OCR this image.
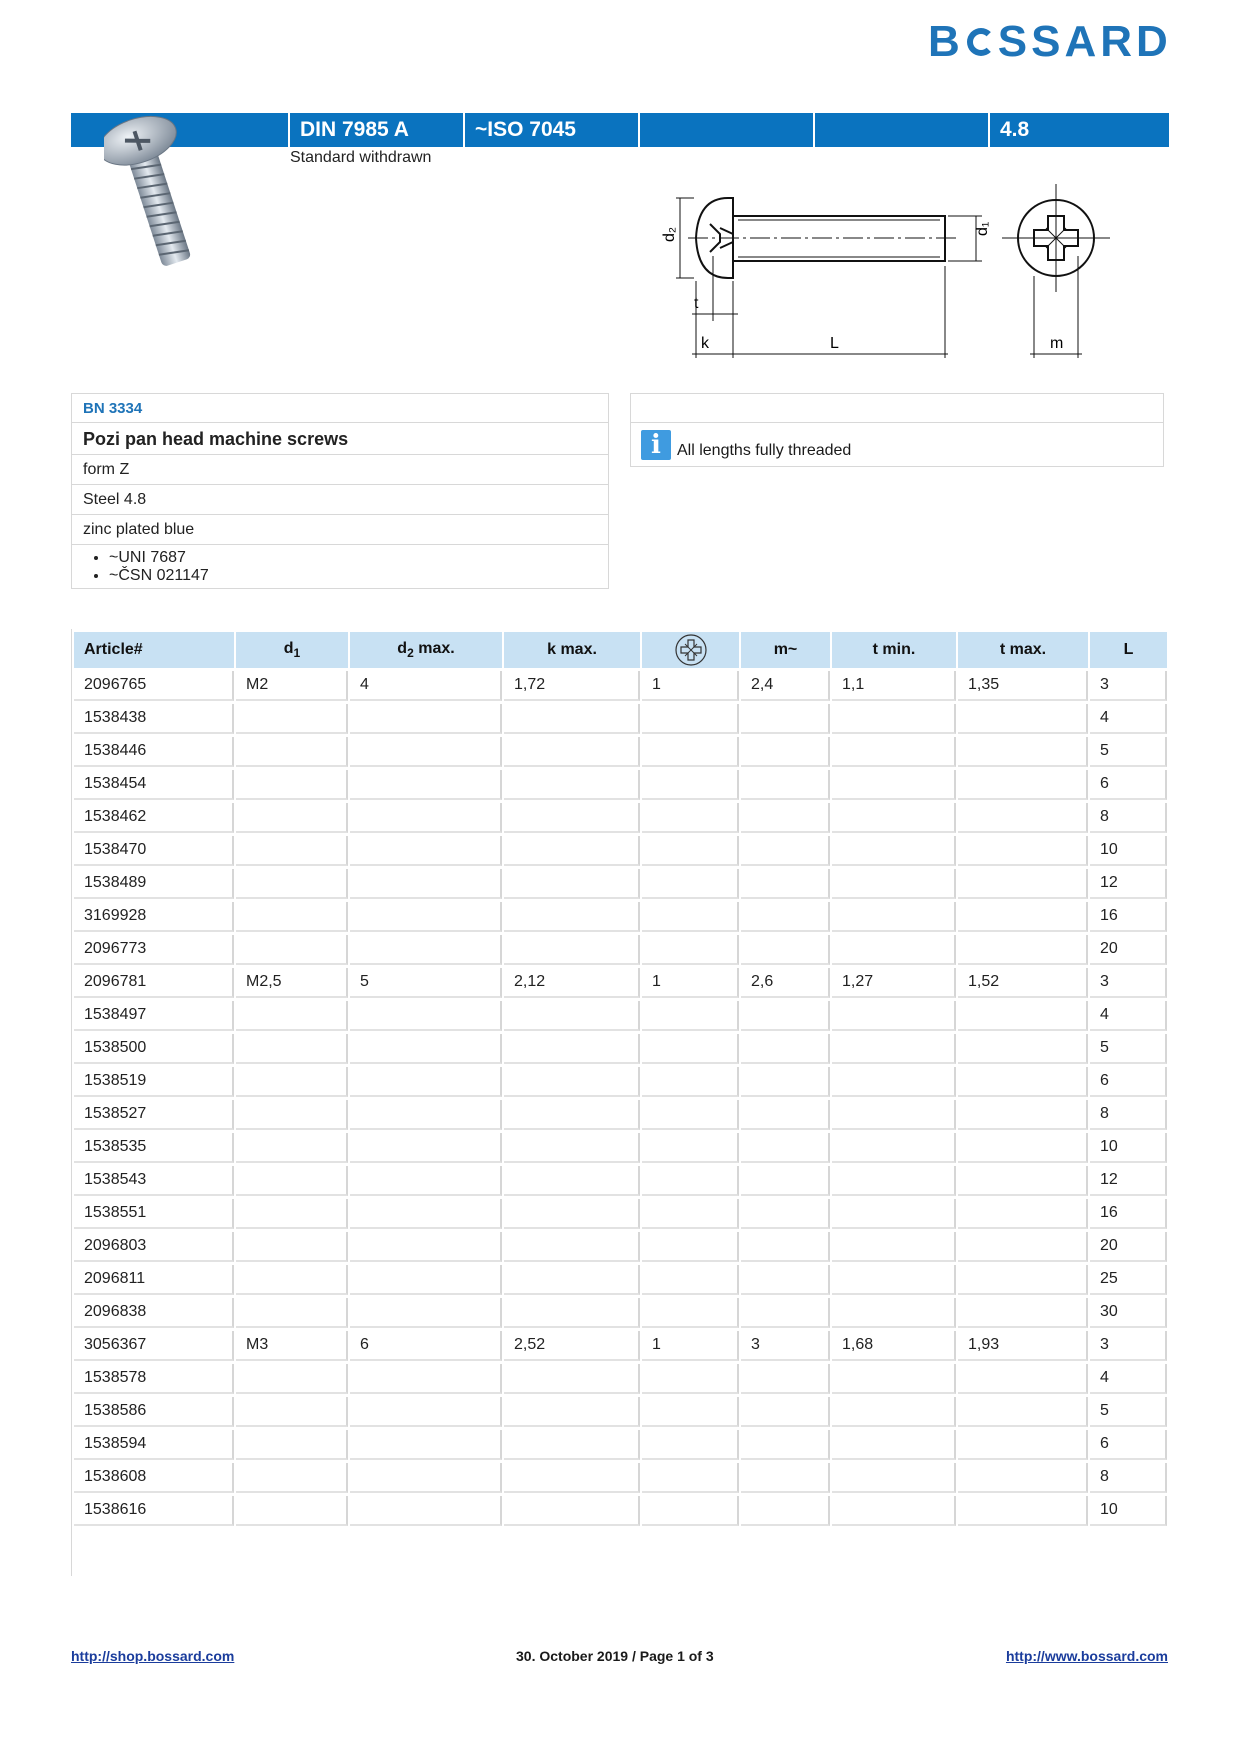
B SSARD
DIN 7985 A	~ISO 7045	4.8
Standard withdrawn
d₂	d₁
t
k	L	m
BN 3334
Pozi pan head machine screws
form Z
Steel 4.8
zinc plated blue
• ~UNI 7687
• ~ČSN 021147
i	All lengths fully threaded
Article#	$d_1$	$d_2$ max.	k max.		m~	t min.	t max.	L
2096765	M2	4	1,72	1	2,4	1,1	1,35	3
1538438								4
1538446								5
1538454								6
1538462								8
1538470								10
1538489								12
3169928								16
2096773								20
2096781	M2,5	5	2,12	1	2,6	1,27	1,52	3
1538497								4
1538500								5
1538519								6
1538527								8
1538535								10
1538543								12
1538551								16
2096803								20
2096811								25
2096838								30
3056367	M3	6	2,52	1	3	1,68	1,93	3
1538578								4
1538586								5
1538594								6
1538608								8
1538616								10
http://shop.bossard.com	30. October 2019 / Page 1 of 3	http://www.bossard.com
